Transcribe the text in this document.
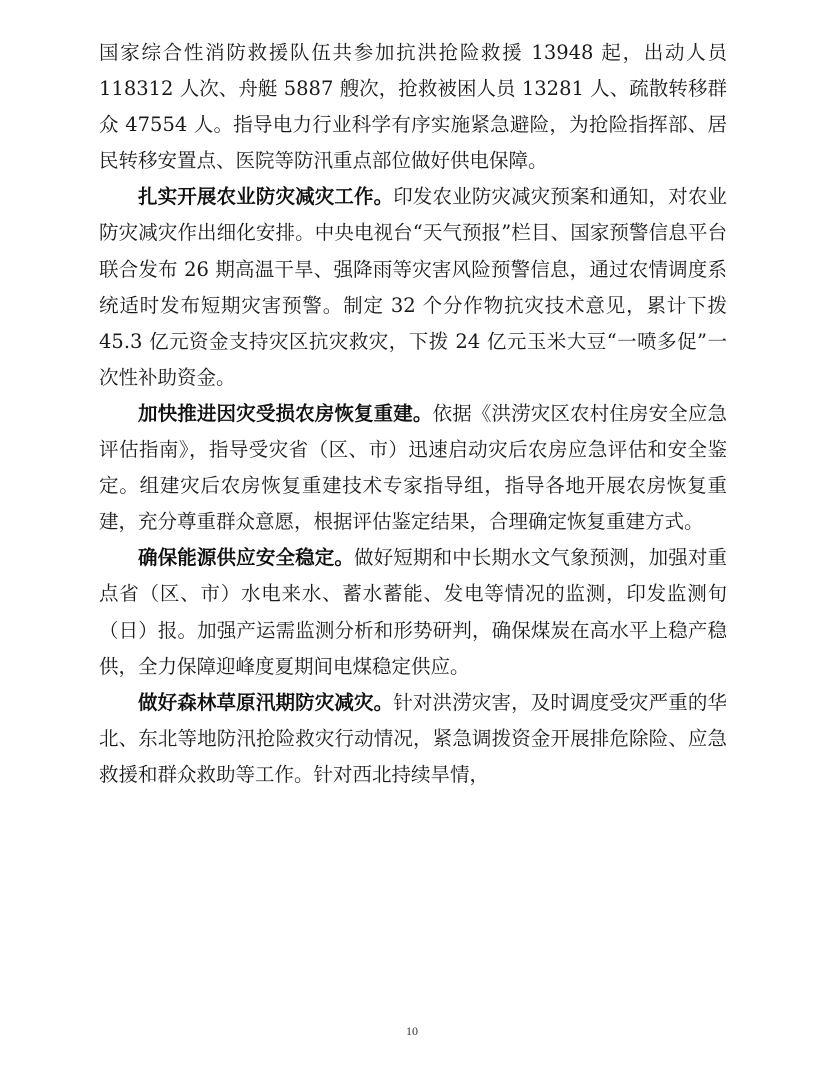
国家综合性消防救援队伍共参加抗洪抢险救援 13948 起，出动人员 118312 人次、舟艇 5887 艘次，抢救被困人员 13281 人、疏散转移群众 47554 人。指导电力行业科学有序实施紧急避险，为抢险指挥部、居民转移安置点、医院等防汛重点部位做好供电保障。

扎实开展农业防灾减灾工作。印发农业防灾减灾预案和通知，对农业防灾减灾作出细化安排。中央电视台“天气预报”栏目、国家预警信息平台联合发布 26 期高温干旱、强降雨等灾害风险预警信息，通过农情调度系统适时发布短期灾害预警。制定 32 个分作物抗灾技术意见，累计下拨 45.3 亿元资金支持灾区抗灾救灾，下拨 24 亿元玉米大豆“一喷多促”一次性补助资金。

加快推进因灾受损农房恢复重建。依据《洪涝灾区农村住房安全应急评估指南》，指导受灾省（区、市）迅速启动灾后农房应急评估和安全鉴定。组建灾后农房恢复重建技术专家指导组，指导各地开展农房恢复重建，充分尊重群众意愿，根据评估鉴定结果，合理确定恢复重建方式。

确保能源供应安全稳定。做好短期和中长期水文气象预测，加强对重点省（区、市）水电来水、蓄水蓄能、发电等情况的监测，印发监测旬（日）报。加强产运需监测分析和形势研判，确保煤炭在高水平上稳产稳供，全力保障迎峰度夏期间电煤稳定供应。

做好森林草原汛期防灾减灾。针对洪涝灾害，及时调度受灾严重的华北、东北等地防汛抢险救灾行动情况，紧急调拨资金开展排危除险、应急救援和群众救助等工作。针对西北持续旱情，

10
